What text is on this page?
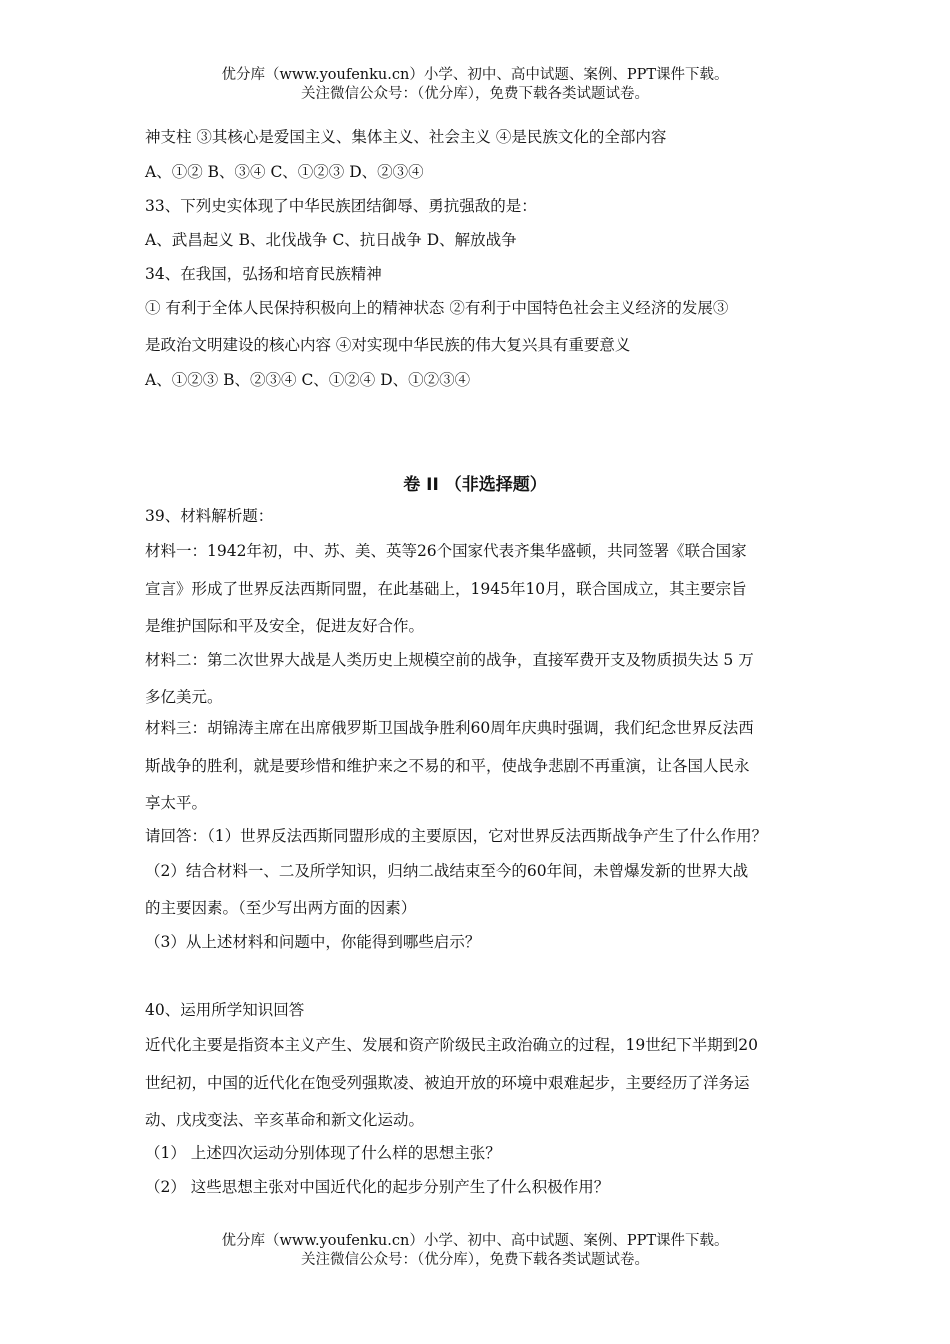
优分库（www.youfenku.cn）小学、初中、高中试题、案例、PPT课件下载。
关注微信公众号：（优分库），免费下载各类试题试卷。
神支柱 ③其核心是爱国主义、集体主义、社会主义 ④是民族文化的全部内容
A、①② B、③④ C、①②③ D、②③④
33、下列史实体现了中华民族团结御辱、勇抗强敌的是：
A、武昌起义 B、北伐战争 C、抗日战争 D、解放战争
34、在我国，弘扬和培育民族精神
① 有利于全体人民保持积极向上的精神状态 ②有利于中国特色社会主义经济的发展③
是政治文明建设的核心内容 ④对实现中华民族的伟大复兴具有重要意义
A、①②③ B、②③④ C、①②④ D、①②③④
卷 II （非选择题）
39、材料解析题：
材料一：1942年初，中、苏、美、英等26个国家代表齐集华盛顿，共同签署《联合国家
宣言》形成了世界反法西斯同盟，在此基础上，1945年10月，联合国成立，其主要宗旨
是维护国际和平及安全，促进友好合作。
材料二：第二次世界大战是人类历史上规模空前的战争，直接军费开支及物质损失达 5 万
多亿美元。
材料三：胡锦涛主席在出席俄罗斯卫国战争胜利60周年庆典时强调，我们纪念世界反法西
斯战争的胜利，就是要珍惜和维护来之不易的和平，使战争悲剧不再重演，让各国人民永
享太平。
请回答：（1）世界反法西斯同盟形成的主要原因，它对世界反法西斯战争产生了什么作用？
（2）结合材料一、二及所学知识，归纳二战结束至今的60年间，未曾爆发新的世界大战
的主要因素。（至少写出两方面的因素）
（3）从上述材料和问题中，你能得到哪些启示？
40、运用所学知识回答
近代化主要是指资本主义产生、发展和资产阶级民主政治确立的过程，19世纪下半期到20
世纪初，中国的近代化在饱受列强欺凌、被迫开放的环境中艰难起步，主要经历了洋务运
动、戊戌变法、辛亥革命和新文化运动。
（1） 上述四次运动分别体现了什么样的思想主张？
（2） 这些思想主张对中国近代化的起步分别产生了什么积极作用？
优分库（www.youfenku.cn）小学、初中、高中试题、案例、PPT课件下载。
关注微信公众号：（优分库），免费下载各类试题试卷。
